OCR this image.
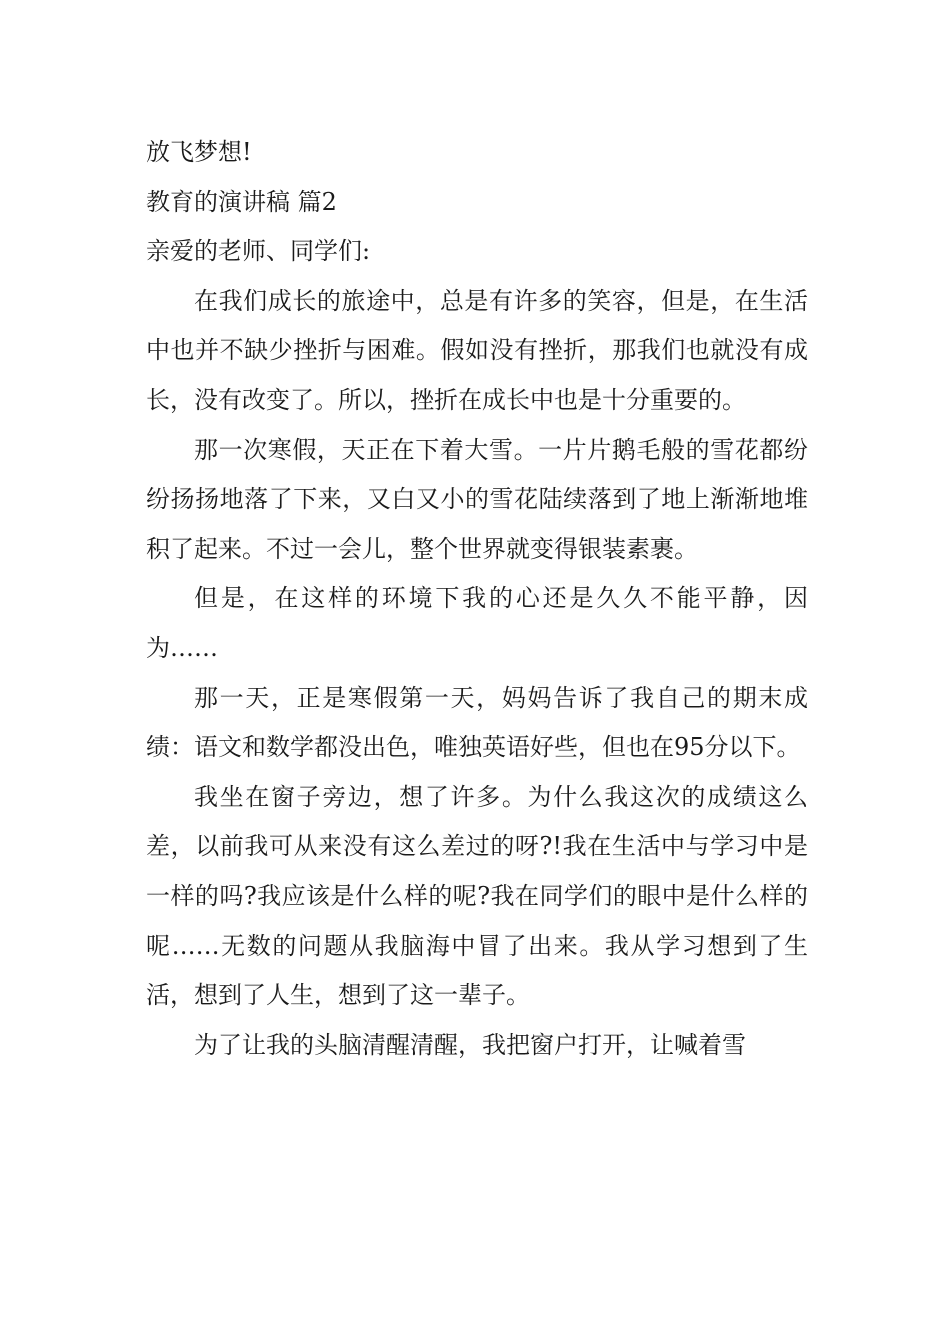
放飞梦想!

教育的演讲稿 篇2

亲爱的老师、同学们:

在我们成长的旅途中，总是有许多的笑容，但是，在生活中也并不缺少挫折与困难。假如没有挫折，那我们也就没有成长，没有改变了。所以，挫折在成长中也是十分重要的。

那一次寒假，天正在下着大雪。一片片鹅毛般的雪花都纷纷扬扬地落了下来，又白又小的雪花陆续落到了地上渐渐地堆积了起来。不过一会儿，整个世界就变得银装素裹。

但是，在这样的环境下我的心还是久久不能平静，因为……

那一天，正是寒假第一天，妈妈告诉了我自己的期末成绩：语文和数学都没出色，唯独英语好些，但也在95分以下。

我坐在窗子旁边，想了许多。为什么我这次的成绩这么差，以前我可从来没有这么差过的呀?!我在生活中与学习中是一样的吗?我应该是什么样的呢?我在同学们的眼中是什么样的呢……无数的问题从我脑海中冒了出来。我从学习想到了生活，想到了人生，想到了这一辈子。

为了让我的头脑清醒清醒，我把窗户打开，让喊着雪
